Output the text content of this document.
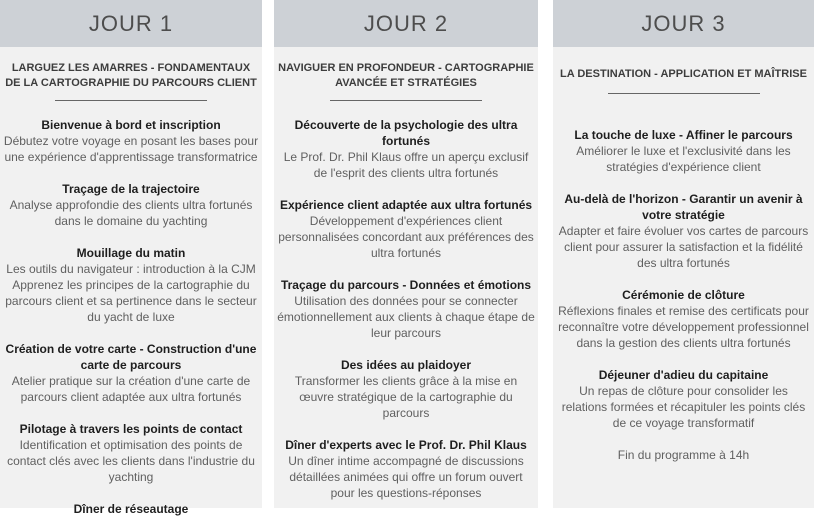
JOUR 1
LARGUEZ LES AMARRES - FONDAMENTAUX DE LA CARTOGRAPHIE DU PARCOURS CLIENT
Bienvenue à bord et inscription
Débutez votre voyage en posant les bases pour une expérience d'apprentissage transformatrice
Traçage de la trajectoire
Analyse approfondie des clients ultra fortunés dans le domaine du yachting
Mouillage du matin
Les outils du navigateur : introduction à la CJM Apprenez les principes de la cartographie du parcours client et sa pertinence dans le secteur du yacht de luxe
Création de votre carte - Construction d'une carte de parcours
Atelier pratique sur la création d'une carte de parcours client adaptée aux ultra fortunés
Pilotage à travers les points de contact
Identification et optimisation des points de contact clés avec les clients dans l'industrie du yachting
Dîner de réseautage
JOUR 2
NAVIGUER EN PROFONDEUR - CARTOGRAPHIE AVANCÉE ET STRATÉGIES
Découverte de la psychologie des ultra fortunés
Le Prof. Dr. Phil Klaus offre un aperçu exclusif de l'esprit des clients ultra fortunés
Expérience client adaptée aux ultra fortunés
Développement d'expériences client personnalisées concordant aux préférences des ultra fortunés
Traçage du parcours - Données et émotions
Utilisation des données pour se connecter émotionnellement aux clients à chaque étape de leur parcours
Des idées au plaidoyer
Transformer les clients grâce à la mise en œuvre stratégique de la cartographie du parcours
Dîner d'experts avec le Prof. Dr. Phil Klaus
Un dîner intime accompagné de discussions détaillées animées qui offre un forum ouvert pour les questions-réponses
JOUR 3
LA DESTINATION - APPLICATION ET MAÎTRISE
La touche de luxe - Affiner le parcours
Améliorer le luxe et l'exclusivité dans les stratégies d'expérience client
Au-delà de l'horizon - Garantir un avenir à votre stratégie
Adapter et faire évoluer vos cartes de parcours client pour assurer la satisfaction et la fidélité des ultra fortunés
Cérémonie de clôture
Réflexions finales et remise des certificats pour reconnaître votre développement professionnel dans la gestion des clients ultra fortunés
Déjeuner d'adieu du capitaine
Un repas de clôture pour consolider les relations formées et récapituler les points clés de ce voyage transformatif
Fin du programme à 14h
